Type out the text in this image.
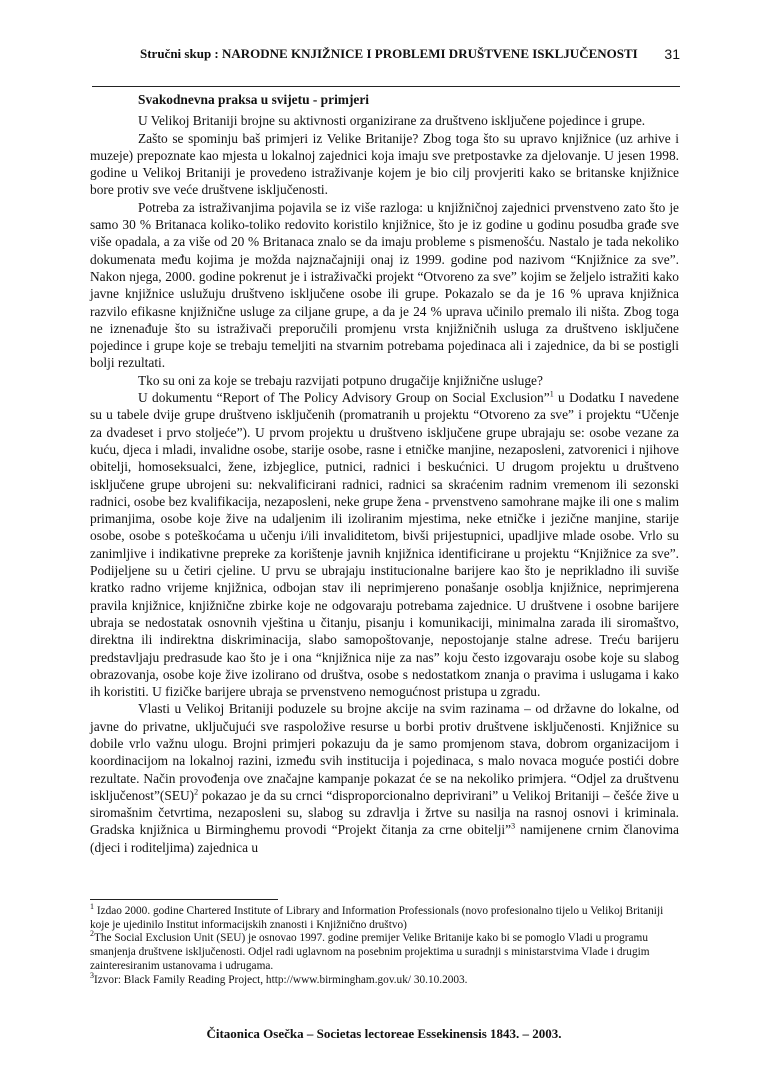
Stručni skup : NARODNE KNJIŽNICE I PROBLEMI DRUŠTVENE ISKLJUČENOSTI 31
Svakodnevna praksa u svijetu - primjeri

U Velikoj Britaniji brojne su aktivnosti organizirane za društveno isključene pojedince i grupe.

Zašto se spominju baš primjeri iz Velike Britanije? Zbog toga što su upravo knjižnice (uz arhive i muzeje) prepoznate kao mjesta u lokalnoj zajednici koja imaju sve pretpostavke za djelovanje. U jesen 1998. godine u Velikoj Britaniji je provedeno istraživanje kojem je bio cilj provjeriti kako se britanske knjižnice bore protiv sve veće društvene isključenosti.

Potreba za istraživanjima pojavila se iz više razloga: u knjižničnoj zajednici prvenstveno zato što je samo 30 % Britanaca koliko-toliko redovito koristilo knjižnice, što je iz godine u godinu posudba građe sve više opadala, a za više od 20 % Britanaca znalo se da imaju probleme s pismenošću. Nastalo je tada nekoliko dokumenata među kojima je možda najznačajniji onaj iz 1999. godine pod nazivom “Knjižnice za sve”. Nakon njega, 2000. godine pokrenut je i istraživački projekt “Otvoreno za sve” kojim se željelo istražiti kako javne knjižnice uslužuju društveno isključene osobe ili grupe. Pokazalo se da je 16 % uprava knjižnica razvilo efikasne knjižnične usluge za ciljane grupe, a da je 24 % uprava učinilo premalo ili ništa. Zbog toga ne iznenađuje što su istraživači preporučili promjenu vrsta knjižničnih usluga za društveno isključene pojedince i grupe koje se trebaju temeljiti na stvarnim potrebama pojedinaca ali i zajednice, da bi se postigli bolji rezultati.

Tko su oni za koje se trebaju razvijati potpuno drugačije knjižnične usluge?

U dokumentu “Report of The Policy Advisory Group on Social Exclusion”$^1$ u Dodatku I navedene su u tabele dvije grupe društveno isključenih (promatranih u projektu “Otvoreno za sve” i projektu “Učenje za dvadeset i prvo stoljeće”). U prvom projektu u društveno isključene grupe ubrajaju se: osobe vezane za kuću, djeca i mladi, invalidne osobe, starije osobe, rasne i etničke manjine, nezaposleni, zatvorenici i njihove obitelji, homoseksualci, žene, izbjeglice, putnici, radnici i beskućnici. U drugom projektu u društveno isključene grupe ubrojeni su: nekvalificirani radnici, radnici sa skraćenim radnim vremenom ili sezonski radnici, osobe bez kvalifikacija, nezaposleni, neke grupe žena - prvenstveno samohrane majke ili one s malim primanjima, osobe koje žive na udaljenim ili izoliranim mjestima, neke etničke i jezične manjine, starije osobe, osobe s poteškoćama u učenju i/ili invaliditetom, bivši prijestupnici, upadljive mlade osobe. Vrlo su zanimljive i indikativne prepreke za korištenje javnih knjižnica identificirane u projektu “Knjižnice za sve”. Podijeljene su u četiri cjeline. U prvu se ubrajaju institucionalne barijere kao što je neprikladno ili suviše kratko radno vrijeme knjižnica, odbojan stav ili neprimjereno ponašanje osoblja knjižnice, neprimjerena pravila knjižnice, knjižnične zbirke koje ne odgovaraju potrebama zajednice. U društvene i osobne barijere ubraja se nedostatak osnovnih vještina u čitanju, pisanju i komunikaciji, minimalna zarada ili siromaštvo, direktna ili indirektna diskriminacija, slabo samopoštovanje, nepostojanje stalne adrese. Treću barijeru predstavljaju predrasude kao što je i ona “knjižnica nije za nas” koju često izgovaraju osobe koje su slabog obrazovanja, osobe koje žive izolirano od društva, osobe s nedostatkom znanja o pravima i uslugama i kako ih koristiti. U fizičke barijere ubraja se prvenstveno nemogućnost pristupa u zgradu.

Vlasti u Velikoj Britaniji poduzele su brojne akcije na svim razinama – od državne do lokalne, od javne do privatne, uključujući sve raspoložive resurse u borbi protiv društvene isključenosti. Knjižnice su dobile vrlo važnu ulogu. Brojni primjeri pokazuju da je samo promjenom stava, dobrom organizacijom i koordinacijom na lokalnoj razini, između svih institucija i pojedinaca, s malo novaca moguće postići dobre rezultate. Način provođenja ove značajne kampanje pokazat će se na nekoliko primjera. “Odjel za društvenu isključenost”(SEU)$^2$ pokazao je da su crnci “disproporcionalno deprivirani” u Velikoj Britaniji – češće žive u siromašnim četvrtima, nezaposleni su, slabog su zdravlja i žrtve su nasilja na rasnoj osnovi i kriminala. Gradska knjižnica u Birminghemu provodi “Projekt čitanja za crne obitelji”$^3$ namijenene crnim članovima (djeci i roditeljima) zajednica u

$^1$ Izdao 2000. godine Chartered Institute of Library and Information Professionals (novo profesionalno tijelo u Velikoj Britaniji koje je ujedinilo Institut informacijskih znanosti i Knjižnično društvo)

$^2$The Social Exclusion Unit (SEU) je osnovao 1997. godine premijer Velike Britanije kako bi se pomoglo Vladi u programu smanjenja društvene isključenosti. Odjel radi uglavnom na posebnim projektima u suradnji s ministarstvima Vlade i drugim zainteresiranim ustanovama i udrugama.

$^3$Izvor: Black Family Reading Project, http://www.birmingham.gov.uk/ 30.10.2003.

Čitaonica Osečka – Societas lectoreae Essekinensis 1843. – 2003.
